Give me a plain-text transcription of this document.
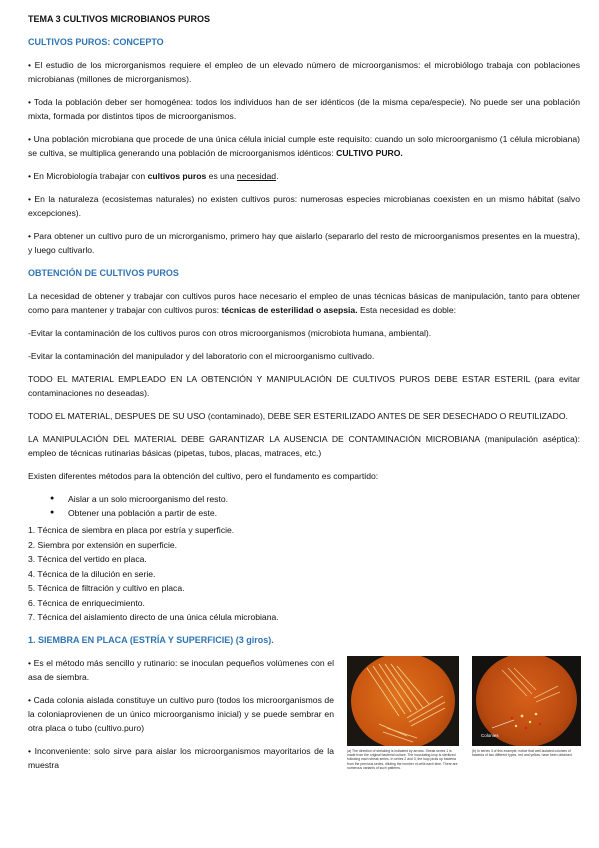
TEMA 3 CULTIVOS MICROBIANOS PUROS
CULTIVOS PUROS: CONCEPTO

• El estudio de los microrganismos requiere el empleo de un elevado número de microorganismos: el microbiólogo trabaja con poblaciones microbianas (millones de microrganismos).

• Toda la población deber ser homogénea: todos los individuos han de ser idénticos (de la misma cepa/especie). No puede ser una población mixta, formada por distintos tipos de microorganismos.

• Una población microbiana que procede de una única célula inicial cumple este requisito: cuando un solo microorganismo (1 célula microbiana) se cultiva, se multiplica generando una población de microorganismos idénticos: CULTIVO PURO.

• En Microbiología trabajar con cultivos puros es una necesidad.

• En la naturaleza (ecosistemas naturales) no existen cultivos puros: numerosas especies microbianas coexisten en un mismo hábitat (salvo excepciones).

• Para obtener un cultivo puro de un microrganismo, primero hay que aislarlo (separarlo del resto de microorganismos presentes en la muestra), y luego cultivarlo.

OBTENCIÓN DE CULTIVOS PUROS

La necesidad de obtener y trabajar con cultivos puros hace necesario el empleo de unas técnicas básicas de manipulación, tanto para obtener como para mantener y trabajar con cultivos puros: técnicas de esterilidad o asepsia. Esta necesidad es doble:

-Evitar la contaminación de los cultivos puros con otros microorganismos (microbiota humana, ambiental).

-Evitar la contaminación del manipulador y del laboratorio con el microorganismo cultivado.

TODO EL MATERIAL EMPLEADO EN LA OBTENCIÓN Y MANIPULACIÓN DE CULTIVOS PUROS DEBE ESTAR ESTERIL (para evitar contaminaciones no deseadas).

TODO EL MATERIAL, DESPUES DE SU USO (contaminado), DEBE SER ESTERILIZADO ANTES DE SER DESECHADO O REUTILIZADO.

LA MANIPULACIÓN DEL MATERIAL DEBE GARANTIZAR LA AUSENCIA DE CONTAMINACIÓN MICROBIANA (manipulación aséptica): empleo de técnicas rutinarias básicas (pipetas, tubos, placas, matraces, etc.)

Existen diferentes métodos para la obtención del cultivo, pero el fundamento es compartido:

● Aislar a un solo microorganismo del resto.
● Obtener una población a partir de este.
1. Técnica de siembra en placa por estría y superficie.
2. Siembra por extensión en superficie.
3. Técnica del vertido en placa.
4. Técnica de la dilución en serie.
5. Técnica de filtración y cultivo en placa.
6. Técnica de enriquecimiento.
7. Técnica del aislamiento directo de una única célula microbiana.
1. SIEMBRA EN PLACA (ESTRÍA Y SUPERFICIE) (3 giros).

• Es el método más sencillo y rutinario: se inoculan pequeños volúmenes con el asa de siembra.

• Cada colonia aislada constituye un cultivo puro (todos los microorganismos de la coloniaprovienen de un único microorganismo inicial) y se puede sembrar en otra placa o tubo (cultivo.puro)

• Inconveniente: solo sirve para aislar los microorganismos mayoritarios de la muestra

Colonies
(a) The direction of streaking is indicated by arrows. Streak series 1 is made from the original bacterial culture. The inoculating loop is sterilized following each streak series. In series 2 and 3, the loop picks up bacteria from the previous series, diluting the number of cells each time. There are numerous variants of such patterns.
(b) In series 3 of this example, notice that well-isolated colonies of bacteria of two different types, red and yellow, have been obtained.
